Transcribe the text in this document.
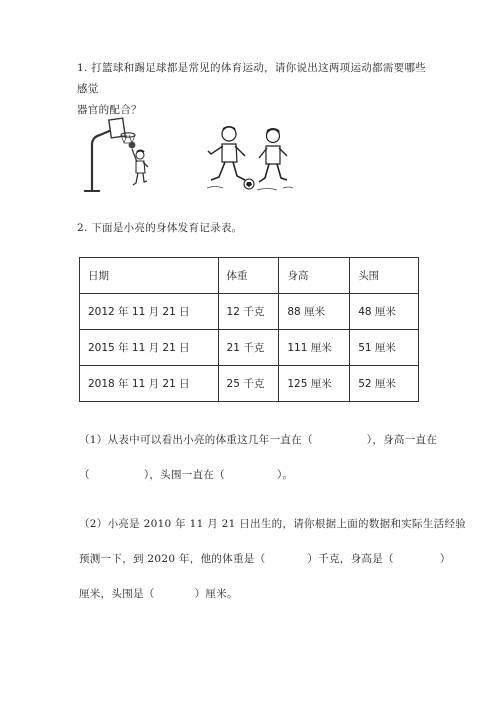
1. 打篮球和踢足球都是常见的体育运动，请你说出这两项运动都需要哪些感觉
器官的配合？
2. 下面是小亮的身体发育记录表。
日期	体重	身高	头围
2012 年 11 月 21 日	12 千克	88 厘米	48 厘米
2015 年 11 月 21 日	21 千克	111 厘米	51 厘米
2018 年 11 月 21 日	25 千克	125 厘米	52 厘米
（1）从表中可以看出小亮的体重这几年一直在（	），身高一直在
（	），头围一直在（	）。
（2）小亮是 2010 年 11 月 21 日出生的，请你根据上面的数据和实际生活经验
预测一下，到 2020 年，他的体重是（	）千克，身高是（	）
厘米，头围是（	）厘米。
